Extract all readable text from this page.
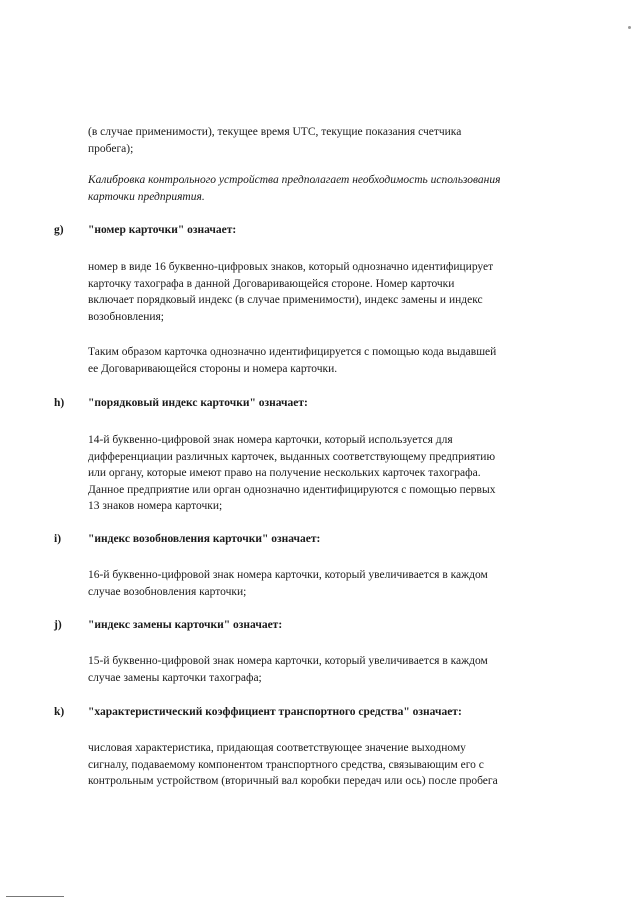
(в случае применимости), текущее время UTC, текущие показания счетчика
пробега);

Калибровка контрольного устройства предполагает необходимость использования
карточки предприятия.

g) "номер карточки" означает:

номер в виде 16 буквенно-цифровых знаков, который однозначно идентифицирует
карточку тахографа в данной Договаривающейся стороне. Номер карточки
включает порядковый индекс (в случае применимости), индекс замены и индекс
возобновления;

Таким образом карточка однозначно идентифицируется с помощью кода выдавшей
ее Договаривающейся стороны и номера карточки.

h) "порядковый индекс карточки" означает:

14-й буквенно-цифровой знак номера карточки, который используется для
дифференциации различных карточек, выданных соответствующему предприятию
или органу, которые имеют право на получение нескольких карточек тахографа.
Данное предприятие или орган однозначно идентифицируются с помощью первых
13 знаков номера карточки;

i) "индекс возобновления карточки" означает:

16-й буквенно-цифровой знак номера карточки, который увеличивается в каждом
случае возобновления карточки;

j) "индекс замены карточки" означает:

15-й буквенно-цифровой знак номера карточки, который увеличивается в каждом
случае замены карточки тахографа;

k) "характеристический коэффициент транспортного средства" означает:

числовая характеристика, придающая соответствующее значение выходному
сигналу, подаваемому компонентом транспортного средства, связывающим его с
контрольным устройством (вторичный вал коробки передач или ось) после пробега
